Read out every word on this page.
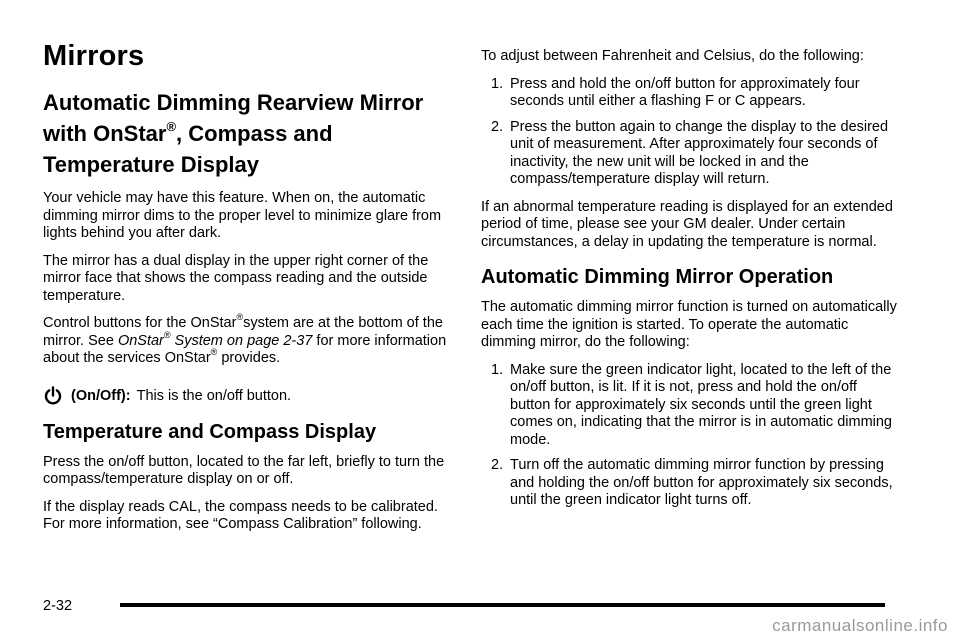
Mirrors
Automatic Dimming Rearview Mirror
with OnStar®, Compass and
Temperature Display

Your vehicle may have this feature. When on, the automatic dimming mirror dims to the proper level to minimize glare from lights behind you after dark.

The mirror has a dual display in the upper right corner of the mirror face that shows the compass reading and the outside temperature.

Control buttons for the OnStar®system are at the bottom of the mirror. See OnStar® System on page 2-37 for more information about the services OnStar® provides.

(On/Off): This is the on/off button.
Temperature and Compass Display

Press the on/off button, located to the far left, briefly to turn the compass/temperature display on or off.

If the display reads CAL, the compass needs to be calibrated. For more information, see “Compass Calibration” following.

To adjust between Fahrenheit and Celsius, do the following:

1. Press and hold the on/off button for approximately four seconds until either a flashing F or C appears.
2. Press the button again to change the display to the desired unit of measurement. After approximately four seconds of inactivity, the new unit will be locked in and the compass/temperature display will return.

If an abnormal temperature reading is displayed for an extended period of time, please see your GM dealer. Under certain circumstances, a delay in updating the temperature is normal.

Automatic Dimming Mirror Operation

The automatic dimming mirror function is turned on automatically each time the ignition is started. To operate the automatic dimming mirror, do the following:

1. Make sure the green indicator light, located to the left of the on/off button, is lit. If it is not, press and hold the on/off button for approximately six seconds until the green light comes on, indicating that the mirror is in automatic dimming mode.
2. Turn off the automatic dimming mirror function by pressing and holding the on/off button for approximately six seconds, until the green indicator light turns off.
2-32
carmanualsonline.info
